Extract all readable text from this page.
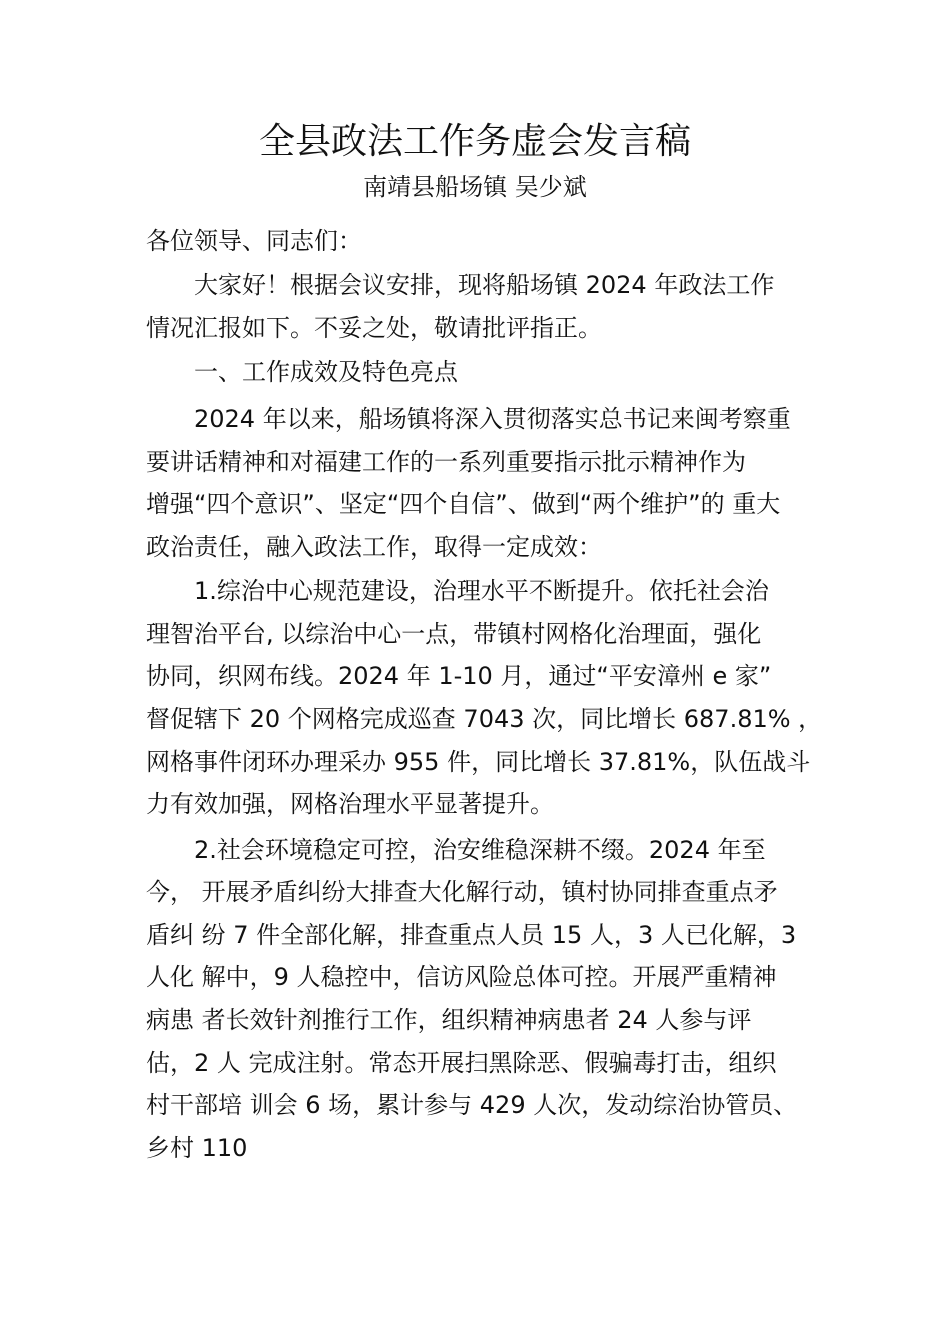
全县政法工作务虚会发言稿
南靖县船场镇 吴少斌
各位领导、同志们：
大家好！根据会议安排，现将船场镇 2024 年政法工作
情况汇报如下。不妥之处，敬请批评指正。
一、工作成效及特色亮点
2024 年以来，船场镇将深入贯彻落实总书记来闽考察重
要讲话精神和对福建工作的一系列重要指示批示精神作为
增强“四个意识”、坚定“四个自信”、做到“两个维护”的 重大
政治责任，融入政法工作，取得一定成效：
1.综治中心规范建设，治理水平不断提升。依托社会治
理智治平台, 以综治中心一点，带镇村网格化治理面，强化
协同，织网布线。2024 年 1-10 月，通过“平安漳州 e 家”
督促辖下 20 个网格完成巡查 7043 次，同比增长 687.81% ，
网格事件闭环办理采办 955 件，同比增长 37.81%，队伍战斗
力有效加强，网格治理水平显著提升。
2.社会环境稳定可控，治安维稳深耕不缀。2024 年至
今， 开展矛盾纠纷大排查大化解行动，镇村协同排查重点矛
盾纠 纷 7 件全部化解，排查重点人员 15 人，3 人已化解，3
人化 解中，9 人稳控中，信访风险总体可控。开展严重精神
病患 者长效针剂推行工作，组织精神病患者 24 人参与评
估，2 人 完成注射。常态开展扫黑除恶、假骗毒打击，组织
村干部培 训会 6 场，累计参与 429 人次，发动综治协管员、
乡村 110
